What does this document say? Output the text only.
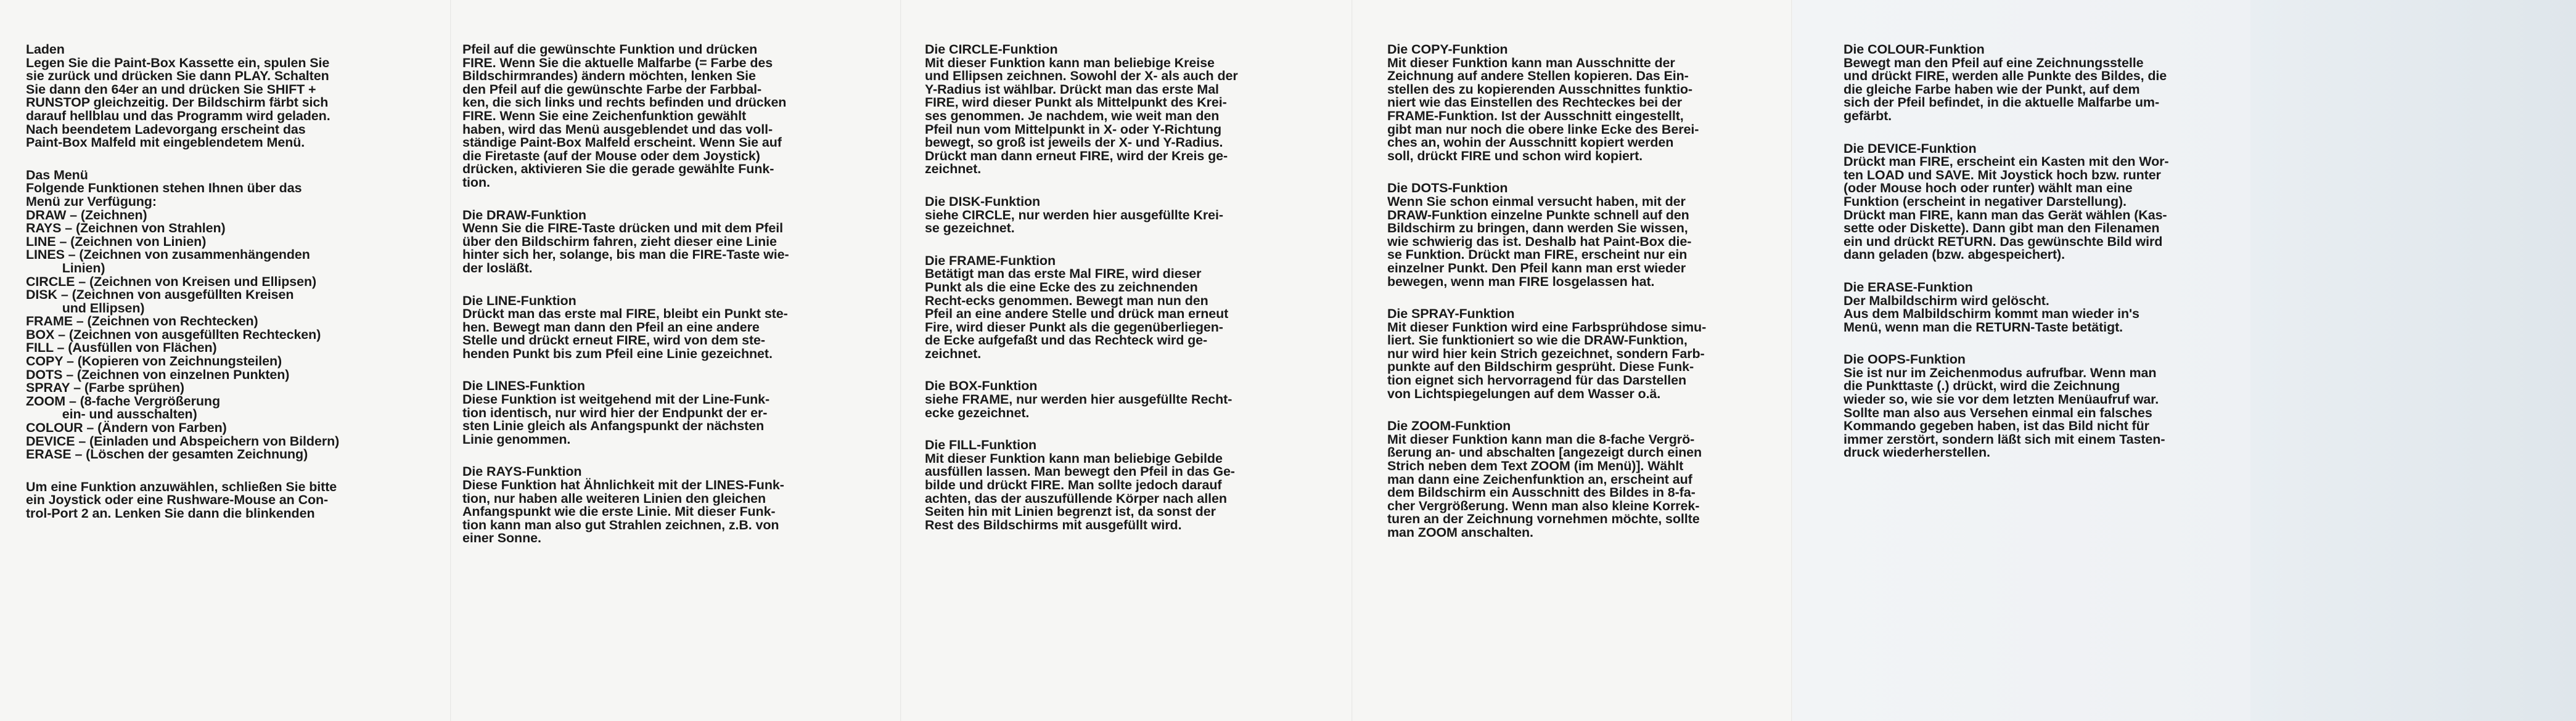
Laden
Legen Sie die Paint-Box Kassette ein, spulen Sie
sie zurück und drücken Sie dann PLAY. Schalten
Sie dann den 64er an und drücken Sie SHIFT +
RUNSTOP gleichzeitig. Der Bildschirm färbt sich
darauf hellblau und das Programm wird geladen.
Nach beendetem Ladevorgang erscheint das
Paint-Box Malfeld mit eingeblendetem Menü.
Das Menü
Folgende Funktionen stehen Ihnen über das
Menü zur Verfügung:
DRAW – (Zeichnen)
RAYS – (Zeichnen von Strahlen)
LINE – (Zeichnen von Linien)
LINES – (Zeichnen von zusammenhängenden
Linien)
CIRCLE – (Zeichnen von Kreisen und Ellipsen)
DISK – (Zeichnen von ausgefüllten Kreisen
und Ellipsen)
FRAME – (Zeichnen von Rechtecken)
BOX – (Zeichnen von ausgefüllten Rechtecken)
FILL – (Ausfüllen von Flächen)
COPY – (Kopieren von Zeichnungsteilen)
DOTS – (Zeichnen von einzelnen Punkten)
SPRAY – (Farbe sprühen)
ZOOM – (8-fache Vergrößerung
ein- und ausschalten)
COLOUR – (Ändern von Farben)
DEVICE – (Einladen und Abspeichern von Bildern)
ERASE – (Löschen der gesamten Zeichnung)
Um eine Funktion anzuwählen, schließen Sie bitte
ein Joystick oder eine Rushware-Mouse an Con-
trol-Port 2 an. Lenken Sie dann die blinkenden
Pfeil auf die gewünschte Funktion und drücken
FIRE. Wenn Sie die aktuelle Malfarbe (= Farbe des
Bildschirmrandes) ändern möchten, lenken Sie
den Pfeil auf die gewünschte Farbe der Farbbal-
ken, die sich links und rechts befinden und drücken
FIRE. Wenn Sie eine Zeichenfunktion gewählt
haben, wird das Menü ausgeblendet und das voll-
ständige Paint-Box Malfeld erscheint. Wenn Sie auf
die Firetaste (auf der Mouse oder dem Joystick)
drücken, aktivieren Sie die gerade gewählte Funk-
tion.
Die DRAW-Funktion
Wenn Sie die FIRE-Taste drücken und mit dem Pfeil
über den Bildschirm fahren, zieht dieser eine Linie
hinter sich her, solange, bis man die FIRE-Taste wie-
der losläßt.
Die LINE-Funktion
Drückt man das erste mal FIRE, bleibt ein Punkt ste-
hen. Bewegt man dann den Pfeil an eine andere
Stelle und drückt erneut FIRE, wird von dem ste-
henden Punkt bis zum Pfeil eine Linie gezeichnet.
Die LINES-Funktion
Diese Funktion ist weitgehend mit der Line-Funk-
tion identisch, nur wird hier der Endpunkt der er-
sten Linie gleich als Anfangspunkt der nächsten
Linie genommen.
Die RAYS-Funktion
Diese Funktion hat Ähnlichkeit mit der LINES-Funk-
tion, nur haben alle weiteren Linien den gleichen
Anfangspunkt wie die erste Linie. Mit dieser Funk-
tion kann man also gut Strahlen zeichnen, z.B. von
einer Sonne.
Die CIRCLE-Funktion
Mit dieser Funktion kann man beliebige Kreise
und Ellipsen zeichnen. Sowohl der X- als auch der
Y-Radius ist wählbar. Drückt man das erste Mal
FIRE, wird dieser Punkt als Mittelpunkt des Krei-
ses genommen. Je nachdem, wie weit man den
Pfeil nun vom Mittelpunkt in X- oder Y-Richtung
bewegt, so groß ist jeweils der X- und Y-Radius.
Drückt man dann erneut FIRE, wird der Kreis ge-
zeichnet.
Die DISK-Funktion
siehe CIRCLE, nur werden hier ausgefüllte Krei-
se gezeichnet.
Die FRAME-Funktion
Betätigt man das erste Mal FIRE, wird dieser
Punkt als die eine Ecke des zu zeichnenden
Recht-ecks genommen. Bewegt man nun den
Pfeil an eine andere Stelle und drück man erneut
Fire, wird dieser Punkt als die gegenüberliegen-
de Ecke aufgefaßt und das Rechteck wird ge-
zeichnet.
Die BOX-Funktion
siehe FRAME, nur werden hier ausgefüllte Recht-
ecke gezeichnet.
Die FILL-Funktion
Mit dieser Funktion kann man beliebige Gebilde
ausfüllen lassen. Man bewegt den Pfeil in das Ge-
bilde und drückt FIRE. Man sollte jedoch darauf
achten, das der auszufüllende Körper nach allen
Seiten hin mit Linien begrenzt ist, da sonst der
Rest des Bildschirms mit ausgefüllt wird.
Die COPY-Funktion
Mit dieser Funktion kann man Ausschnitte der
Zeichnung auf andere Stellen kopieren. Das Ein-
stellen des zu kopierenden Ausschnittes funktio-
niert wie das Einstellen des Rechteckes bei der
FRAME-Funktion. Ist der Ausschnitt eingestellt,
gibt man nur noch die obere linke Ecke des Berei-
ches an, wohin der Ausschnitt kopiert werden
soll, drückt FIRE und schon wird kopiert.
Die DOTS-Funktion
Wenn Sie schon einmal versucht haben, mit der
DRAW-Funktion einzelne Punkte schnell auf den
Bildschirm zu bringen, dann werden Sie wissen,
wie schwierig das ist. Deshalb hat Paint-Box die-
se Funktion. Drückt man FIRE, erscheint nur ein
einzelner Punkt. Den Pfeil kann man erst wieder
bewegen, wenn man FIRE losgelassen hat.
Die SPRAY-Funktion
Mit dieser Funktion wird eine Farbsprühdose simu-
liert. Sie funktioniert so wie die DRAW-Funktion,
nur wird hier kein Strich gezeichnet, sondern Farb-
punkte auf den Bildschirm gesprüht. Diese Funk-
tion eignet sich hervorragend für das Darstellen
von Lichtspiegelungen auf dem Wasser o.ä.
Die ZOOM-Funktion
Mit dieser Funktion kann man die 8-fache Vergrö-
ßerung an- und abschalten [angezeigt durch einen
Strich neben dem Text ZOOM (im Menü)]. Wählt
man dann eine Zeichenfunktion an, erscheint auf
dem Bildschirm ein Ausschnitt des Bildes in 8-fa-
cher Vergrößerung. Wenn man also kleine Korrek-
turen an der Zeichnung vornehmen möchte, sollte
man ZOOM anschalten.
Die COLOUR-Funktion
Bewegt man den Pfeil auf eine Zeichnungsstelle
und drückt FIRE, werden alle Punkte des Bildes, die
die gleiche Farbe haben wie der Punkt, auf dem
sich der Pfeil befindet, in die aktuelle Malfarbe um-
gefärbt.
Die DEVICE-Funktion
Drückt man FIRE, erscheint ein Kasten mit den Wor-
ten LOAD und SAVE. Mit Joystick hoch bzw. runter
(oder Mouse hoch oder runter) wählt man eine
Funktion (erscheint in negativer Darstellung).
Drückt man FIRE, kann man das Gerät wählen (Kas-
sette oder Diskette). Dann gibt man den Filenamen
ein und drückt RETURN. Das gewünschte Bild wird
dann geladen (bzw. abgespeichert).
Die ERASE-Funktion
Der Malbildschirm wird gelöscht.
Aus dem Malbildschirm kommt man wieder in's
Menü, wenn man die RETURN-Taste betätigt.
Die OOPS-Funktion
Sie ist nur im Zeichenmodus aufrufbar. Wenn man
die Punkttaste (.) drückt, wird die Zeichnung
wieder so, wie sie vor dem letzten Menüaufruf war.
Sollte man also aus Versehen einmal ein falsches
Kommando gegeben haben, ist das Bild nicht für
immer zerstört, sondern läßt sich mit einem Tasten-
druck wiederherstellen.
